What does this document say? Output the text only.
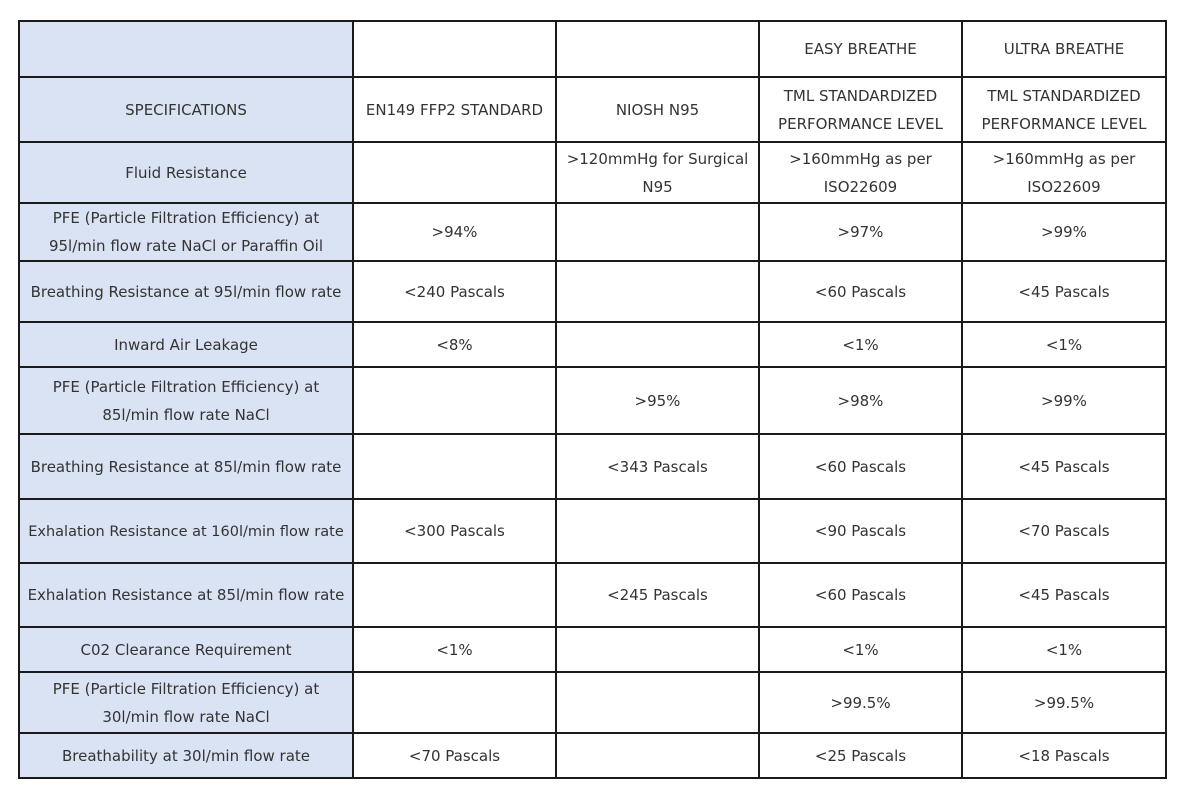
			EASY BREATHE	ULTRA BREATHE
SPECIFICATIONS	EN149 FFP2 STANDARD	NIOSH N95	TML STANDARDIZED PERFORMANCE LEVEL	TML STANDARDIZED PERFORMANCE LEVEL
Fluid Resistance		>120mmHg for Surgical N95	>160mmHg as per ISO22609	>160mmHg as per ISO22609
PFE (Particle Filtration Efficiency) at 95l/min flow rate NaCl or Paraffin Oil	>94%		>97%	>99%
Breathing Resistance at 95l/min flow rate	<240 Pascals		<60 Pascals	<45 Pascals
Inward Air Leakage	<8%		<1%	<1%
PFE (Particle Filtration Efficiency) at 85l/min flow rate NaCl		>95%	>98%	>99%
Breathing Resistance at 85l/min flow rate		<343 Pascals	<60 Pascals	<45 Pascals
Exhalation Resistance at 160l/min flow rate	<300 Pascals		<90 Pascals	<70 Pascals
Exhalation Resistance at 85l/min flow rate		<245 Pascals	<60 Pascals	<45 Pascals
C02 Clearance Requirement	<1%		<1%	<1%
PFE (Particle Filtration Efficiency) at 30l/min flow rate NaCl			>99.5%	>99.5%
Breathability at 30l/min flow rate	<70 Pascals		<25 Pascals	<18 Pascals
